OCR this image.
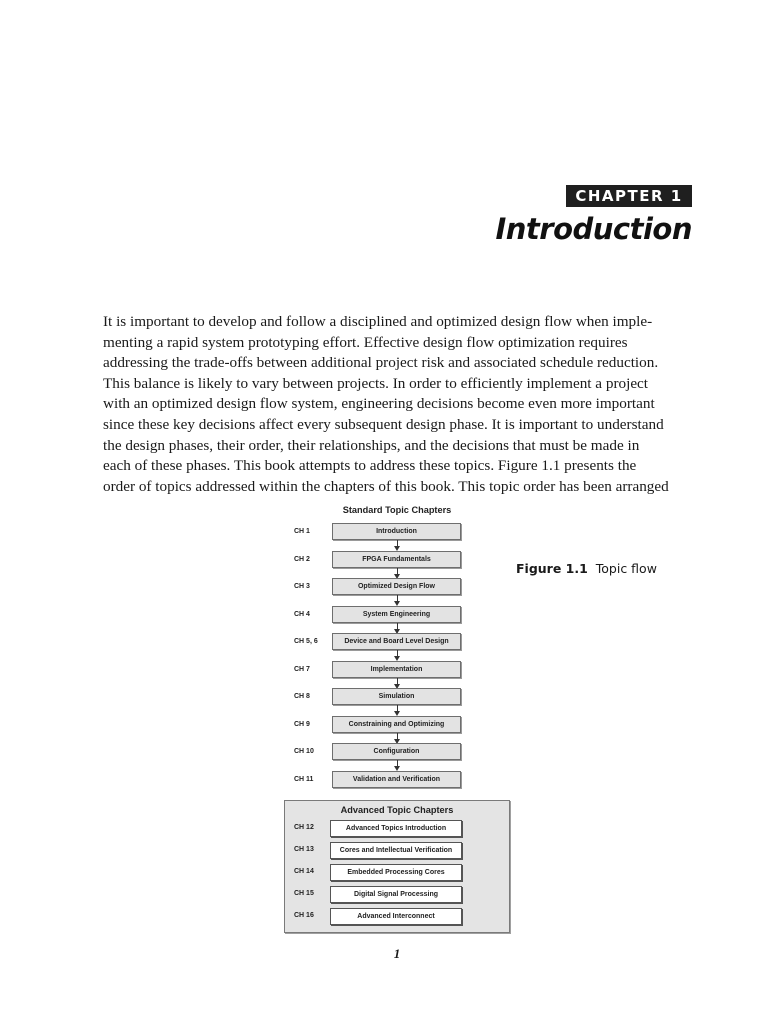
CHAPTER 1
Introduction
It is important to develop and follow a disciplined and optimized design flow when imple-
menting a rapid system prototyping effort. Effective design flow optimization requires
addressing the trade-offs between additional project risk and associated schedule reduction.
This balance is likely to vary between projects. In order to efficiently implement a project
with an optimized design flow system, engineering decisions become even more important
since these key decisions affect every subsequent design phase. It is important to understand
the design phases, their order, their relationships, and the decisions that must be made in
each of these phases. This book attempts to address these topics. Figure 1.1 presents the
order of topics addressed within the chapters of this book. This topic order has been arranged
Standard Topic Chapters
CH 1	Introduction
CH 2	FPGA Fundamentals
CH 3	Optimized Design Flow
CH 4	System Engineering
CH 5, 6	Device and Board Level Design
CH 7	Implementation
CH 8	Simulation
CH 9	Constraining and Optimizing
CH 10	Configuration
CH 11	Validation and Verification
Advanced Topic Chapters
CH 12	Advanced Topics Introduction
CH 13	Cores and Intellectual Verification
CH 14	Embedded Processing Cores
CH 15	Digital Signal Processing
CH 16	Advanced Interconnect
Figure 1.1 Topic flow
1
